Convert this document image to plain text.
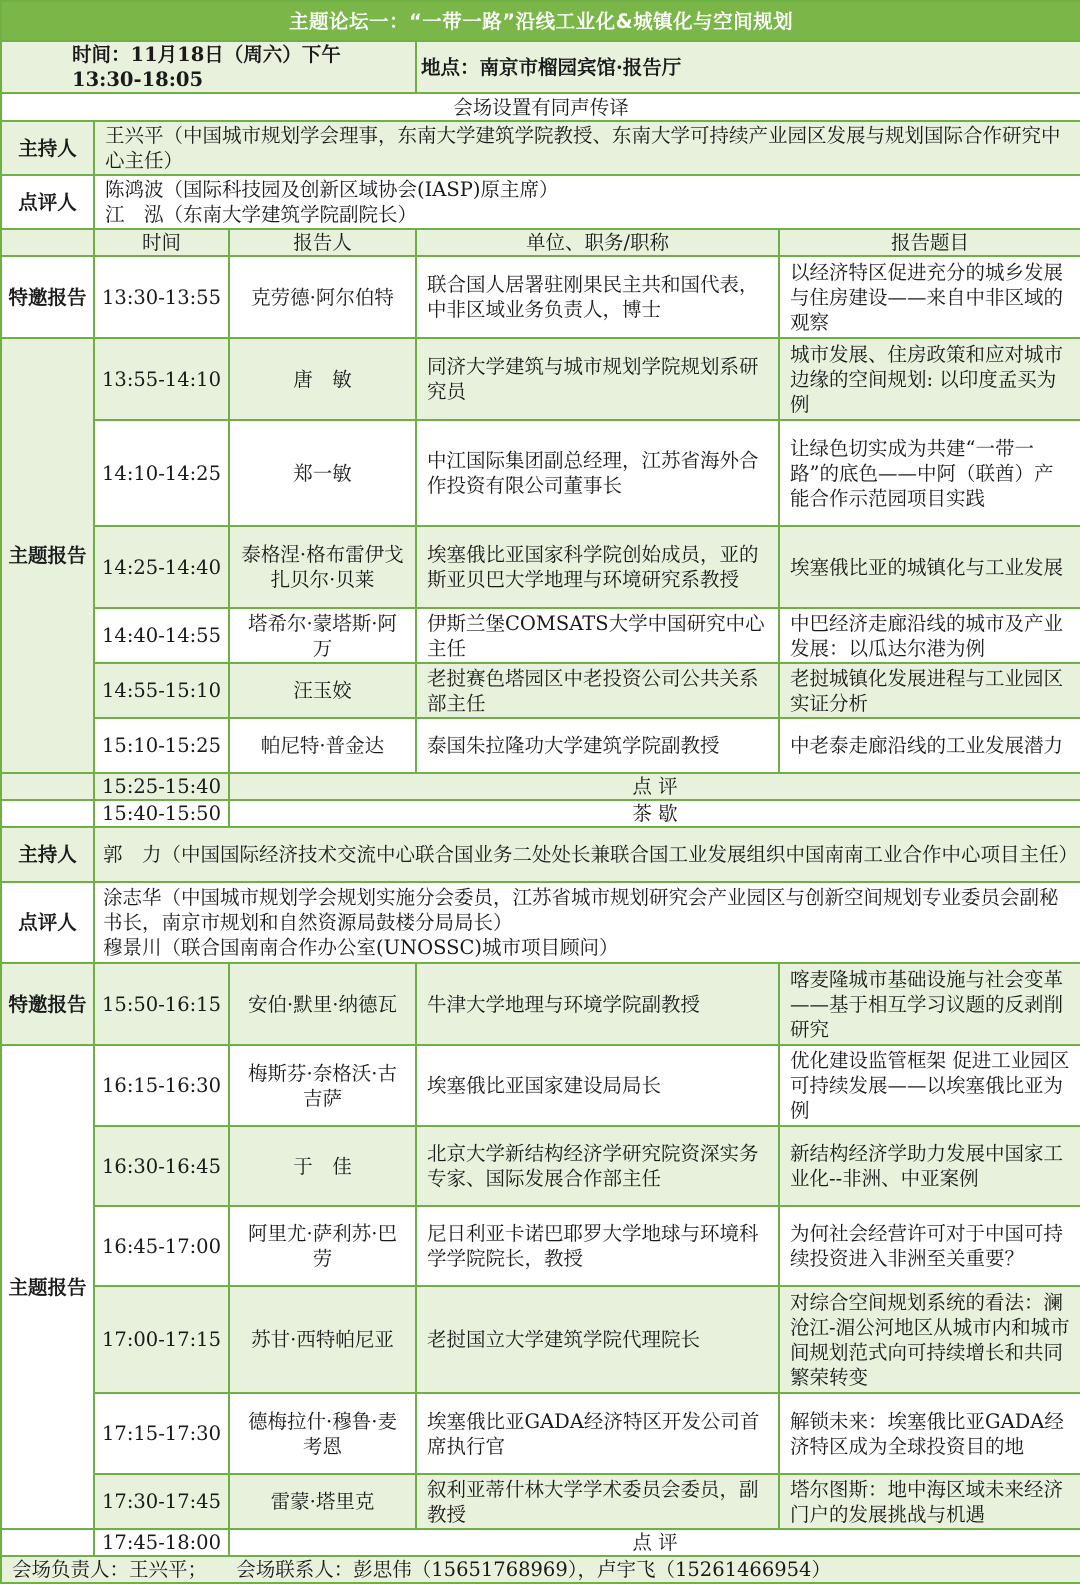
主题论坛一：“一带一路”沿线工业化&城镇化与空间规划				
时间：11月18日（周六）下午13:30-18:05			地点：南京市榴园宾馆·报告厅	
会场设置有同声传译				
主持人	王兴平（中国城市规划学会理事，东南大学建筑学院教授、东南大学可持续产业园区发展与规划国际合作研究中心主任）			
点评人	陈鸿波（国际科技园及创新区域协会(IASP)原主席）
江　泓（东南大学建筑学院副院长）			

	时间	报告人	单位、职务/职称	报告题目
特邀报告	13:30-13:55	克劳德·阿尔伯特	联合国人居署驻刚果民主共和国代表，中非区域业务负责人，博士	以经济特区促进充分的城乡发展与住房建设——来自中非区域的观察
主题报告	13:55-14:10	唐　敏	同济大学建筑与城市规划学院规划系研究员	城市发展、住房政策和应对城市边缘的空间规划: 以印度孟买为例
	14:10-14:25	郑一敏	中江国际集团副总经理，江苏省海外合作投资有限公司董事长	让绿色切实成为共建“一带一路”的底色——中阿（联酋）产能合作示范园项目实践
	14:25-14:40	泰格涅·格布雷伊戈扎贝尔·贝莱	埃塞俄比亚国家科学院创始成员，亚的斯亚贝巴大学地理与环境研究系教授	埃塞俄比亚的城镇化与工业发展
	14:40-14:55	塔希尔·蒙塔斯·阿万	伊斯兰堡COMSATS大学中国研究中心主任	中巴经济走廊沿线的城市及产业发展：以瓜达尔港为例
	14:55-15:10	汪玉姣	老挝赛色塔园区中老投资公司公共关系部主任	老挝城镇化发展进程与工业园区实证分析
	15:10-15:25	帕尼特·普金达	泰国朱拉隆功大学建筑学院副教授	中老泰走廊沿线的工业发展潜力
	15:25-15:40	点 评		
	15:40-15:50	茶 歇		
主持人	郭　力（中国国际经济技术交流中心联合国业务二处处长兼联合国工业发展组织中国南南工业合作中心项目主任）			
点评人	涂志华（中国城市规划学会规划实施分会委员，江苏省城市规划研究会产业园区与创新空间规划专业委员会副秘书长，南京市规划和自然资源局鼓楼分局局长）
穆景川（联合国南南合作办公室(UNOSSC)城市项目顾问）			

特邀报告	15:50-16:15	安伯·默里·纳德瓦	牛津大学地理与环境学院副教授	喀麦隆城市基础设施与社会变革——基于相互学习议题的反剥削研究
主题报告	16:15-16:30	梅斯芬·奈格沃·古吉萨	埃塞俄比亚国家建设局局长	优化建设监管框架 促进工业园区可持续发展——以埃塞俄比亚为例
	16:30-16:45	于　佳	北京大学新结构经济学研究院资深实务专家、国际发展合作部主任	新结构经济学助力发展中国家工业化--非洲、中亚案例
	16:45-17:00	阿里尤·萨利苏·巴劳	尼日利亚卡诺巴耶罗大学地球与环境科学学院院长，教授	为何社会经营许可对于中国可持续投资进入非洲至关重要？
	17:00-17:15	苏甘·西特帕尼亚	老挝国立大学建筑学院代理院长	对综合空间规划系统的看法：澜沧江-湄公河地区从城市内和城市间规划范式向可持续增长和共同繁荣转变
	17:15-17:30	德梅拉什·穆鲁·麦考恩	埃塞俄比亚GADA经济特区开发公司首席执行官	解锁未来：埃塞俄比亚GADA经济特区成为全球投资目的地
	17:30-17:45	雷蒙·塔里克	叙利亚蒂什林大学学术委员会委员，副教授	塔尔图斯：地中海区域未来经济门户的发展挑战与机遇
	17:45-18:00	点 评		
会场负责人：王兴平；　　会场联系人：彭思伟（15651768969），卢宇飞（15261466954）				
